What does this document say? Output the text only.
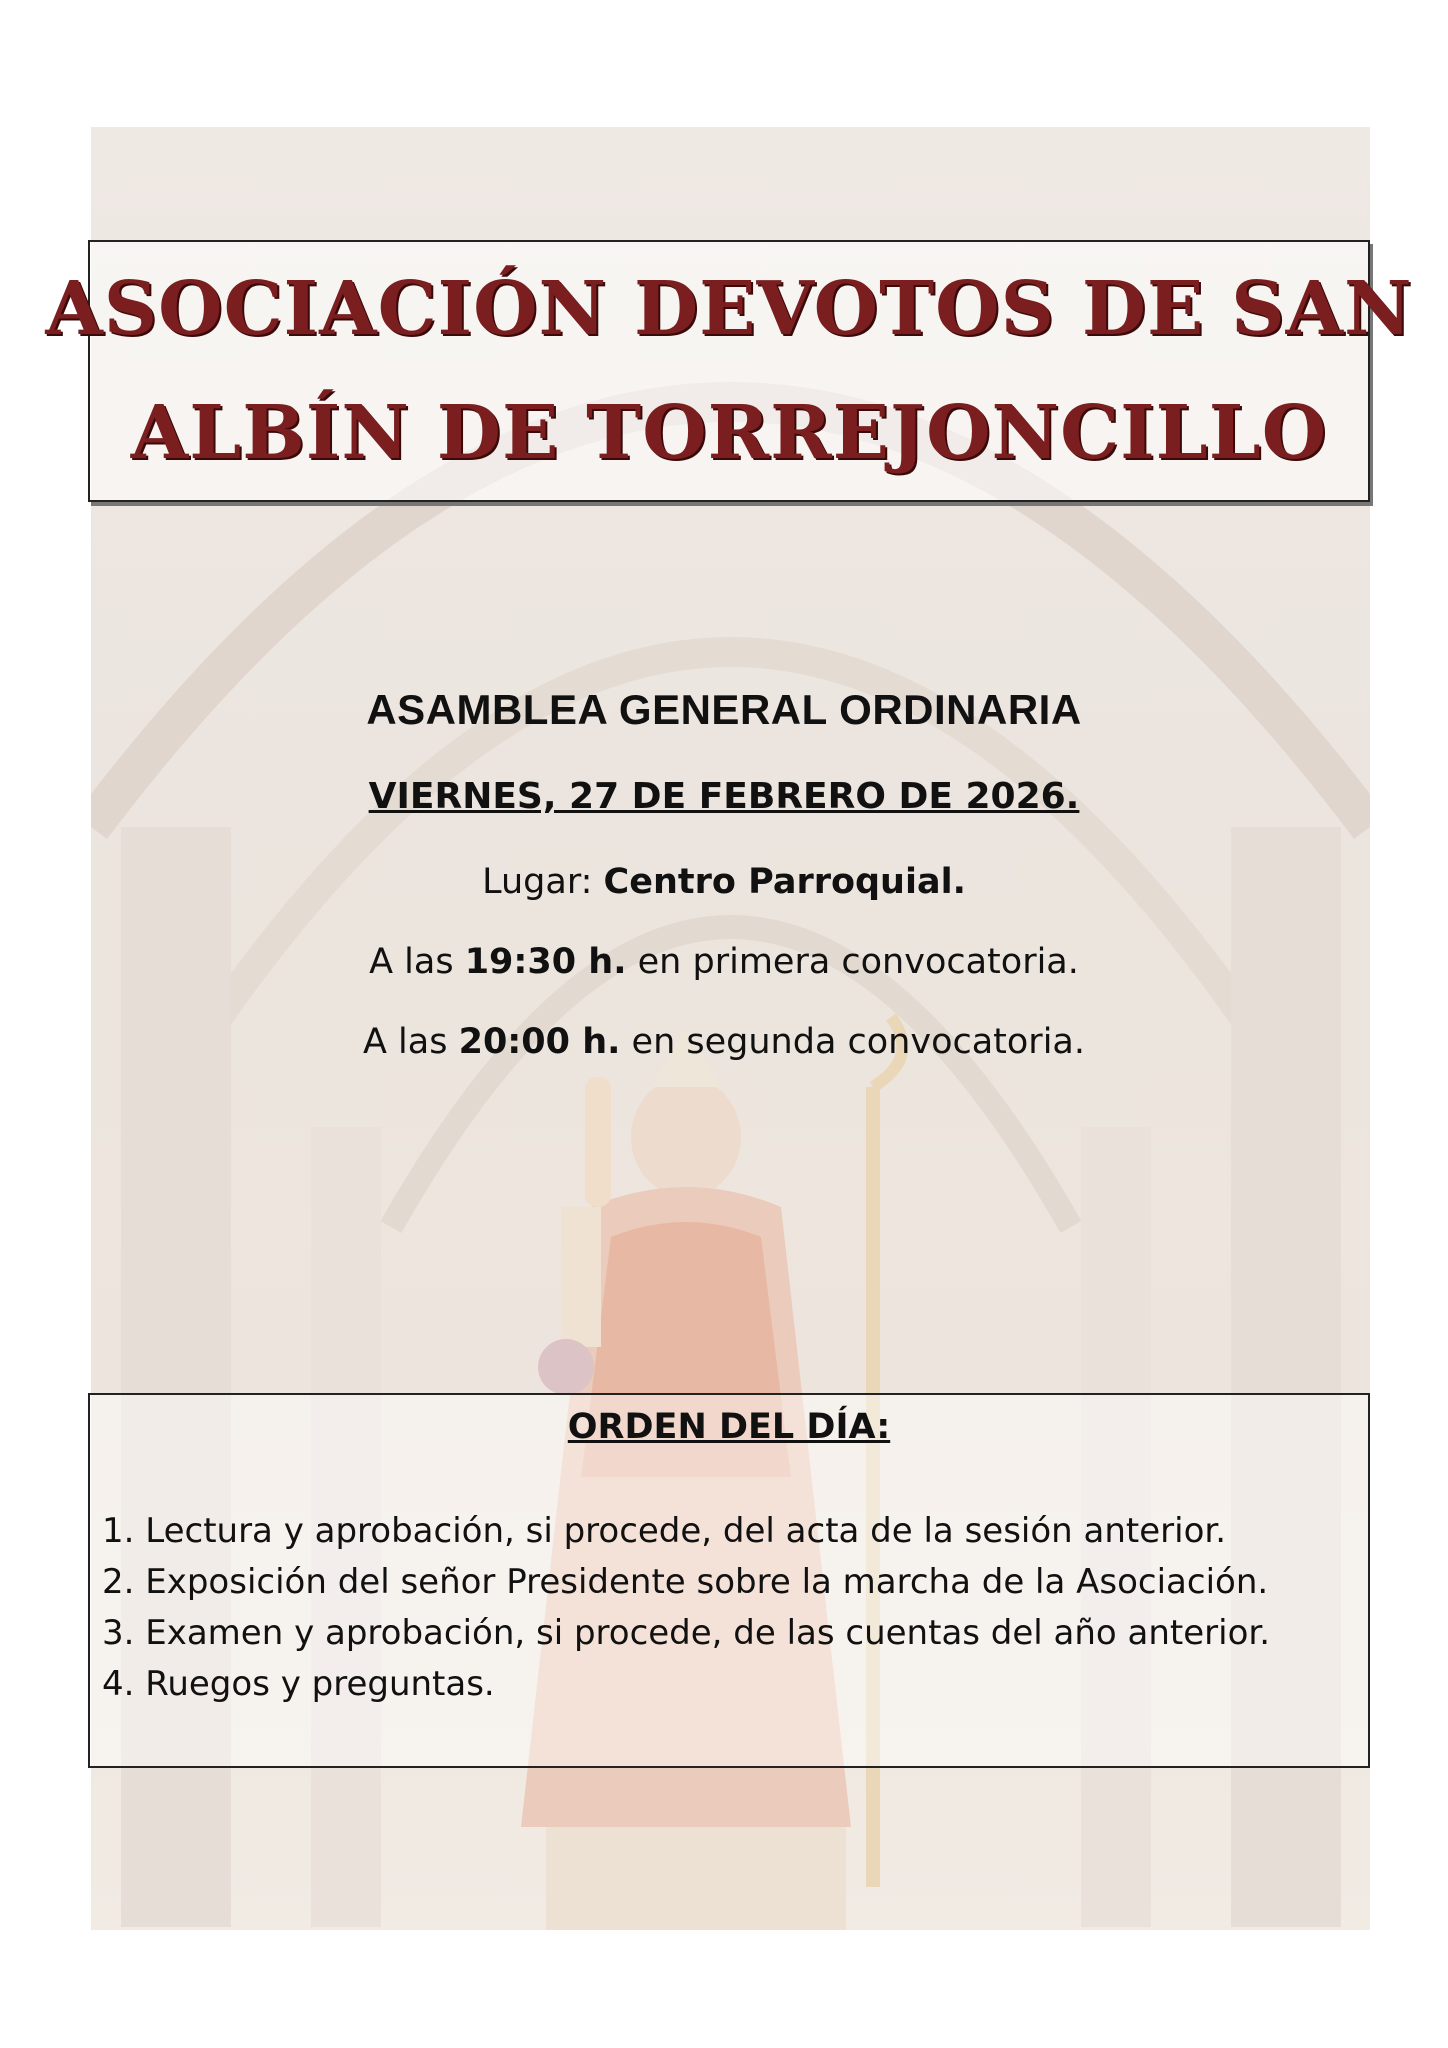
ASOCIACIÓN DEVOTOS DE SAN
ALBÍN DE TORREJONCILLO
ASAMBLEA GENERAL ORDINARIA
VIERNES, 27 DE FEBRERO DE 2026.
Lugar: Centro Parroquial.
A las 19:30 h. en primera convocatoria.
A las 20:00 h. en segunda convocatoria.
ORDEN DEL DÍA:
1. Lectura y aprobación, si procede, del acta de la sesión anterior.
2. Exposición del señor Presidente sobre la marcha de la Asociación.
3. Examen y aprobación, si procede, de las cuentas del año anterior.
4. Ruegos y preguntas.
